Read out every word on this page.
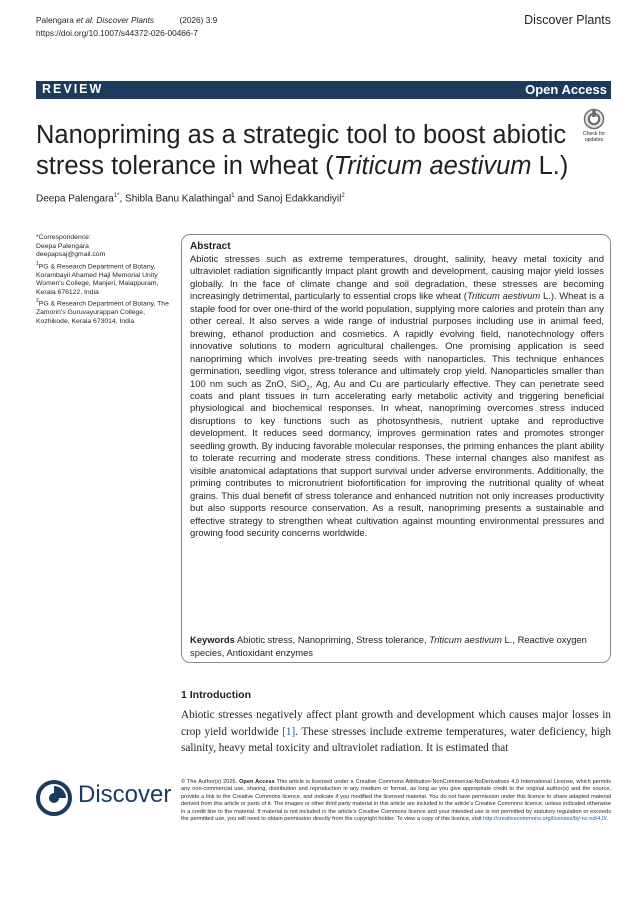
Palengara et al. Discover Plants	(2026) 3:9
https://doi.org/10.1007/s44372-026-00466-7
Discover Plants
REVIEW	Open Access
Nanopriming as a strategic tool to boost abiotic stress tolerance in wheat (Triticum aestivum L.)
Check for
updates
Deepa Palengara$^{1*}$, Shibla Banu Kalathingal$^1$ and Sanoj Edakkandiyil$^2$
*Correspondence:
Deepa Palengara
deepapsaj@gmail.com
$^1$PG & Research Department of Botany, Korambayil Ahamed Haji Memorial Unity Women's College, Manjeri, Malappuram, Kerala 676122, India
$^2$PG & Research Department of Botany, The Zamorin's Guruvayurappan College, Kozhikode, Kerala 673014, India
Abstract
Abiotic stresses such as extreme temperatures, drought, salinity, heavy metal toxicity and ultraviolet radiation significantly impact plant growth and development, causing major yield losses globally. In the face of climate change and soil degradation, these stresses are becoming increasingly detrimental, particularly to essential crops like wheat (Triticum aestivum L.). Wheat is a staple food for over one-third of the world population, supplying more calories and protein than any other cereal. It also serves a wide range of industrial purposes including use in animal feed, brewing, ethanol production and cosmetics. A rapidly evolving field, nanotechnology offers innovative solutions to modern agricultural challenges. One promising application is seed nanopriming which involves pre-treating seeds with nanoparticles. This technique enhances germination, seedling vigor, stress tolerance and ultimately crop yield. Nanoparticles smaller than 100 nm such as ZnO, SiO$_2$, Ag, Au and Cu are particularly effective. They can penetrate seed coats and plant tissues in turn accelerating early metabolic activity and triggering beneficial physiological and biochemical responses. In wheat, nanopriming overcomes stress induced disruptions to key functions such as photosynthesis, nutrient uptake and reproductive development. It reduces seed dormancy, improves germination rates and promotes stronger seedling growth. By inducing favorable molecular responses, the priming enhances the plant ability to tolerate recurring and moderate stress conditions. These internal changes also manifest as visible anatomical adaptations that support survival under adverse environments. Additionally, the priming contributes to micronutrient biofortification for improving the nutritional quality of wheat grains. This dual benefit of stress tolerance and enhanced nutrition not only increases productivity but also supports resource conservation. As a result, nanopriming presents a sustainable and effective strategy to strengthen wheat cultivation against mounting environmental pressures and growing food security concerns worldwide.
Keywords Abiotic stress, Nanopriming, Stress tolerance, Triticum aestivum L., Reactive oxygen species, Antioxidant enzymes
1 Introduction
Abiotic stresses negatively affect plant growth and development which causes major losses in crop yield worldwide [1]. These stresses include extreme temperatures, water deficiency, high salinity, heavy metal toxicity and ultraviolet radiation. It is estimated that
Discover © The Author(s) 2026. Open Access This article is licensed under a Creative Commons Attribution-NonCommercial-NoDerivatives 4.0 International License, which permits any non-commercial use, sharing, distribution and reproduction in any medium or format, as long as you give appropriate credit to the original author(s) and the source, provide a link to the Creative Commons licence, and indicate if you modified the licensed material. You do not have permission under this licence to share adapted material derived from this article or parts of it. The images or other third party material in this article are included in the article's Creative Commons licence, unless indicated otherwise in a credit line to the material. If material is not included in the article's Creative Commons licence and your intended use is not permitted by statutory regulation or exceeds the permitted use, you will need to obtain permission directly from the copyright holder. To view a copy of this licence, visit http://creativecommons.org/licenses/by-nc-nd/4.0/.
